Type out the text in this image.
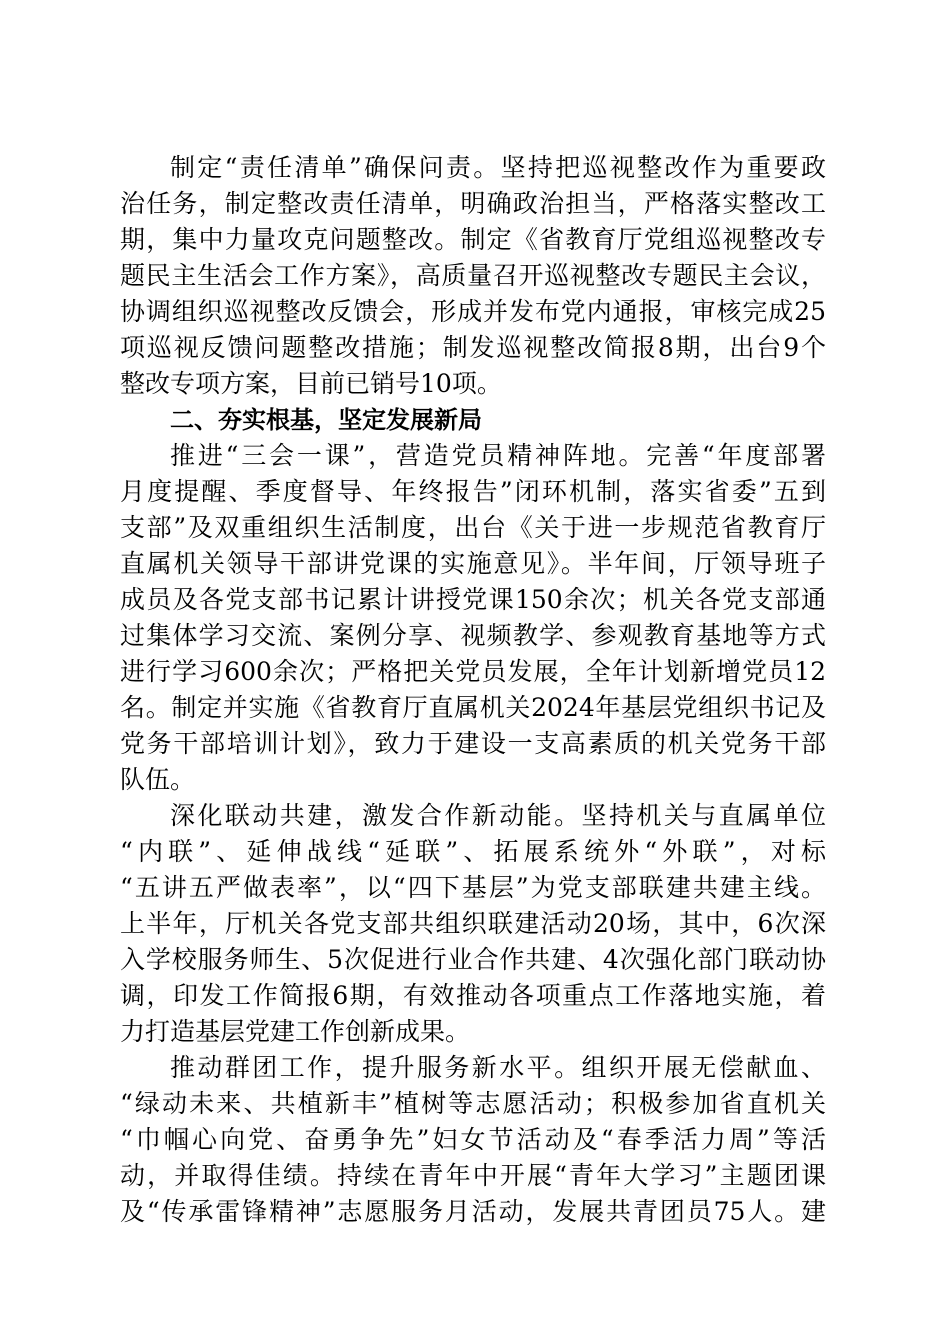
制定“责任清单”确保问责。坚持把巡视整改作为重要政
治任务，制定整改责任清单，明确政治担当，严格落实整改工
期，集中力量攻克问题整改。制定《省教育厅党组巡视整改专
题民主生活会工作方案》，高质量召开巡视整改专题民主会议，
协调组织巡视整改反馈会，形成并发布党内通报，审核完成25
项巡视反馈问题整改措施；制发巡视整改简报8期，出台9个
整改专项方案，目前已销号10项。
二、夯实根基，坚定发展新局
推进“三会一课”，营造党员精神阵地。完善“年度部署
月度提醒、季度督导、年终报告”闭环机制，落实省委”五到
支部”及双重组织生活制度，出台《关于进一步规范省教育厅
直属机关领导干部讲党课的实施意见》。半年间，厅领导班子
成员及各党支部书记累计讲授党课150余次；机关各党支部通
过集体学习交流、案例分享、视频教学、参观教育基地等方式
进行学习600余次；严格把关党员发展，全年计划新增党员12
名。制定并实施《省教育厅直属机关2024年基层党组织书记及
党务干部培训计划》，致力于建设一支高素质的机关党务干部
队伍。
深化联动共建，激发合作新动能。坚持机关与直属单位
“内联”、延伸战线“延联”、拓展系统外“外联”，对标
“五讲五严做表率”，以“四下基层”为党支部联建共建主线。
上半年，厅机关各党支部共组织联建活动20场，其中，6次深
入学校服务师生、5次促进行业合作共建、4次强化部门联动协
调，印发工作简报6期，有效推动各项重点工作落地实施，着
力打造基层党建工作创新成果。
推动群团工作，提升服务新水平。组织开展无偿献血、
“绿动未来、共植新丰”植树等志愿活动；积极参加省直机关
“巾帼心向党、奋勇争先”妇女节活动及“春季活力周”等活
动，并取得佳绩。持续在青年中开展“青年大学习”主题团课
及“传承雷锋精神”志愿服务月活动，发展共青团员75人。建
